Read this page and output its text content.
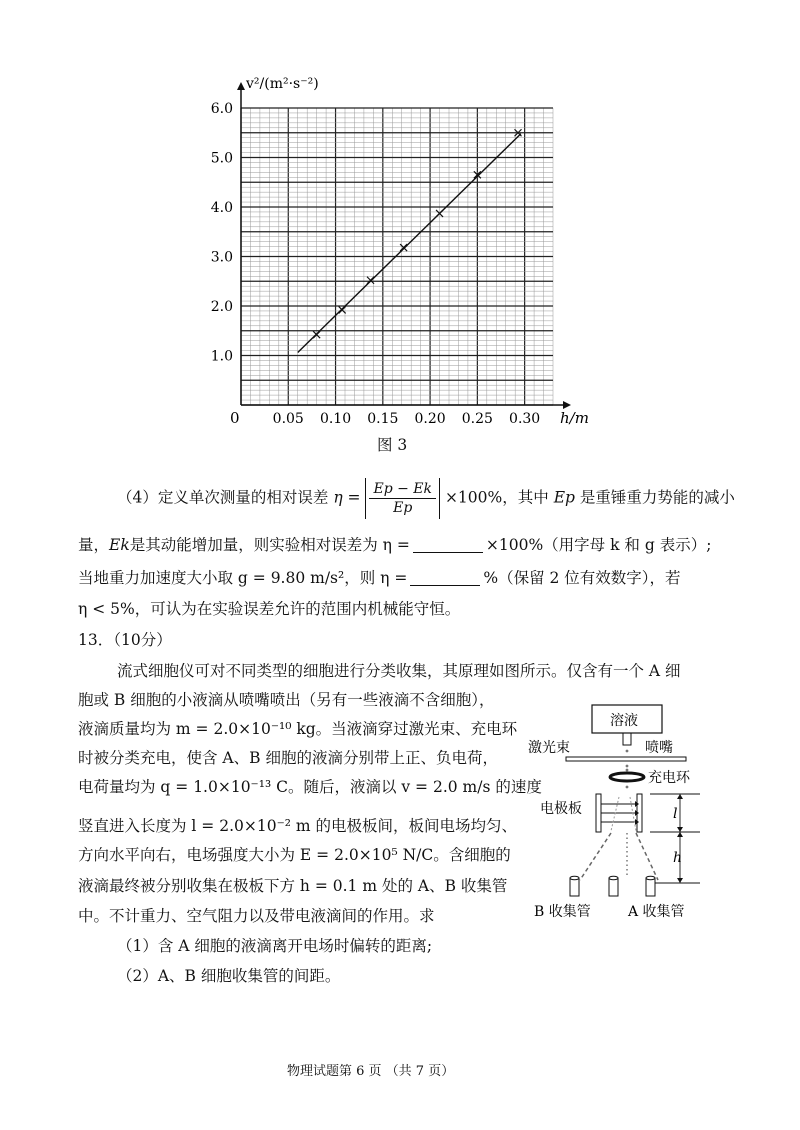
0.05 0.10 0.15 0.20 0.25 0.30
1.0
2.0
3.0
4.0
5.0
6.0
v²/(m²·s⁻²)
h/m
0
图 3
（4）定义单次测量的相对误差 $\eta = \frac{Ep - Ek}{Ep} \times 100\%$，其中 Ep 是重锤重力势能的减小
量，Ek是其动能增加量，则实验相对误差为 η =	×100%（用字母 k 和 g 表示）;
当地重力加速度大小取 g = 9.80 m/s²，则 η =	%（保留 2 位有效数字），若
η < 5%，可认为在实验误差允许的范围内机械能守恒。
13．（10分）
流式细胞仪可对不同类型的细胞进行分类收集，其原理如图所示。仅含有一个 A 细
胞或 B 细胞的小液滴从喷嘴喷出（另有一些液滴不含细胞），
液滴质量均为 m = 2.0×10⁻¹⁰ kg。当液滴穿过激光束、充电环
时被分类充电，使含 A、B 细胞的液滴分别带上正、负电荷，
电荷量均为 q = 1.0×10⁻¹³ C。随后，液滴以 v = 2.0 m/s 的速度
竖直进入长度为 l = 2.0×10⁻² m 的电极板间，板间电场均匀、
方向水平向右，电场强度大小为 E = 2.0×10⁵ N/C。含细胞的
液滴最终被分别收集在极板下方 h = 0.1 m 处的 A、B 收集管
中。不计重力、空气阻力以及带电液滴间的作用。求
（1）含 A 细胞的液滴离开电场时偏转的距离;
（2）A、B 细胞收集管的间距。
溶液
激光束	喷嘴
充电环
电极板	l
h
B 收集管	A 收集管
物理试题第 6 页 （共 7 页）
